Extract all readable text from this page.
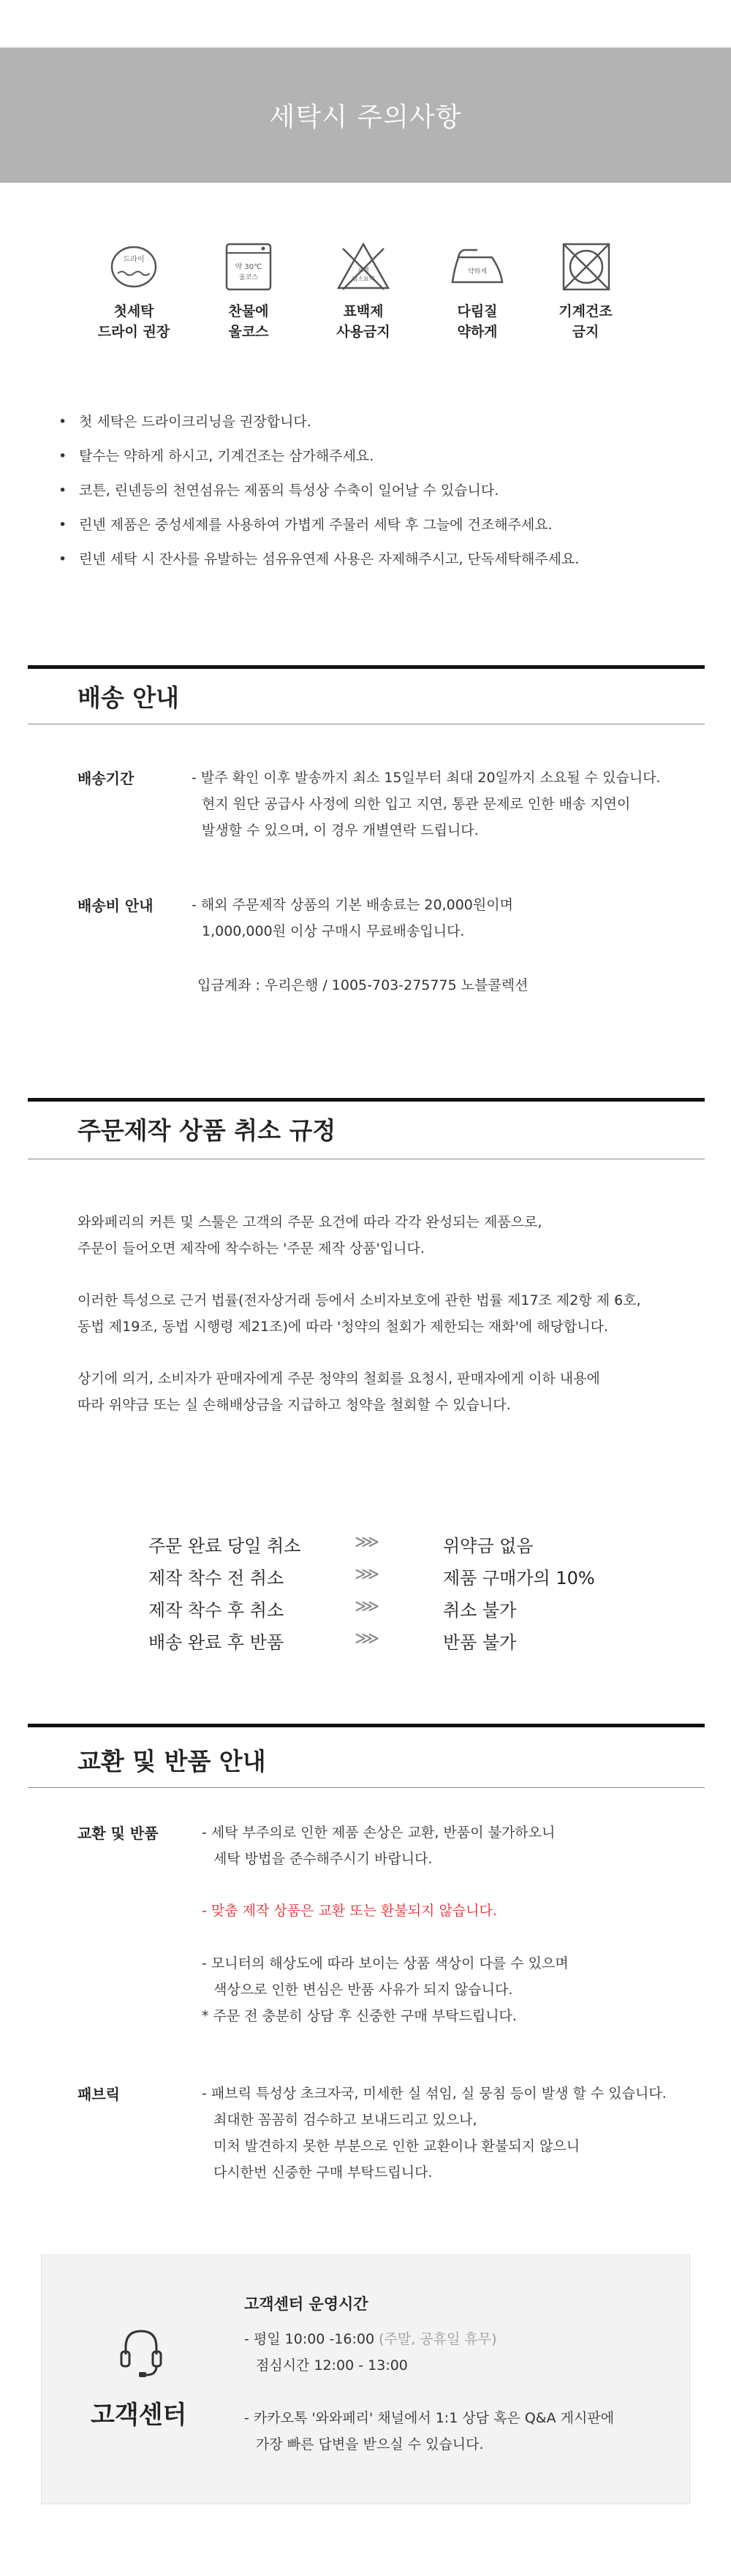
세탁시 주의사항
드라이
첫세탁
드라이 권장
약 30℃
울코스
찬물에
울코스
표백
염소표백
표백제
사용금지
약하게
다림질
약하게
기계건조
금지
• 첫 세탁은 드라이크리닝을 권장합니다.
• 탈수는 약하게 하시고, 기계건조는 삼가해주세요.
• 코튼, 린넨등의 천연섬유는 제품의 특성상 수축이 일어날 수 있습니다.
• 린넨 제품은 중성세제를 사용하여 가볍게 주물러 세탁 후 그늘에 건조해주세요.
• 린넨 세탁 시 잔사를 유발하는 섬유유연제 사용은 자제해주시고, 단독세탁해주세요.
배송 안내
배송기간	- 발주 확인 이후 발송까지 최소 15일부터 최대 20일까지 소요될 수 있습니다.
현지 원단 공급사 사정에 의한 입고 지연, 통관 문제로 인한 배송 지연이
발생할 수 있으며, 이 경우 개별연락 드립니다.
배송비 안내	- 해외 주문제작 상품의 기본 배송료는 20,000원이며
1,000,000원 이상 구매시 무료배송입니다.
입금계좌 : 우리은행 / 1005-703-275775 노블콜렉션
주문제작 상품 취소 규정
와와페리의 커튼 및 스툴은 고객의 주문 요건에 따라 각각 완성되는 제품으로,
주문이 들어오면 제작에 착수하는 '주문 제작 상품'입니다.
이러한 특성으로 근거 법률(전자상거래 등에서 소비자보호에 관한 법률 제17조 제2항 제 6호,
동법 제19조, 동법 시행령 제21조)에 따라 '청약의 철회가 제한되는 재화'에 해당합니다.
상기에 의거, 소비자가 판매자에게 주문 청약의 철회를 요청시, 판매자에게 이하 내용에
따라 위약금 또는 실 손해배상금을 지급하고 청약을 철회할 수 있습니다.
주문 완료 당일 취소	⋙	위약금 없음
제작 착수 전 취소	⋙	제품 구매가의 10%
제작 착수 후 취소	⋙	취소 불가
배송 완료 후 반품	⋙	반품 불가
교환 및 반품 안내
교환 및 반품	- 세탁 부주의로 인한 제품 손상은 교환, 반품이 불가하오니
세탁 방법을 준수해주시기 바랍니다.
- 맞춤 제작 상품은 교환 또는 환불되지 않습니다.
- 모니터의 해상도에 따라 보이는 상품 색상이 다를 수 있으며
색상으로 인한 변심은 반품 사유가 되지 않습니다.
* 주문 전 충분히 상담 후 신중한 구매 부탁드립니다.
패브릭	- 패브릭 특성상 초크자국, 미세한 실 섞임, 실 뭉침 등이 발생 할 수 있습니다.
최대한 꼼꼼히 검수하고 보내드리고 있으나,
미처 발견하지 못한 부분으로 인한 교환이나 환불되지 않으니
다시한번 신중한 구매 부탁드립니다.
고객센터
고객센터 운영시간
- 평일 10:00 -16:00 (주말, 공휴일 휴무)
점심시간 12:00 - 13:00
- 카카오톡 '와와페리' 채널에서 1:1 상담 혹은 Q&A 게시판에
가장 빠른 답변을 받으실 수 있습니다.
